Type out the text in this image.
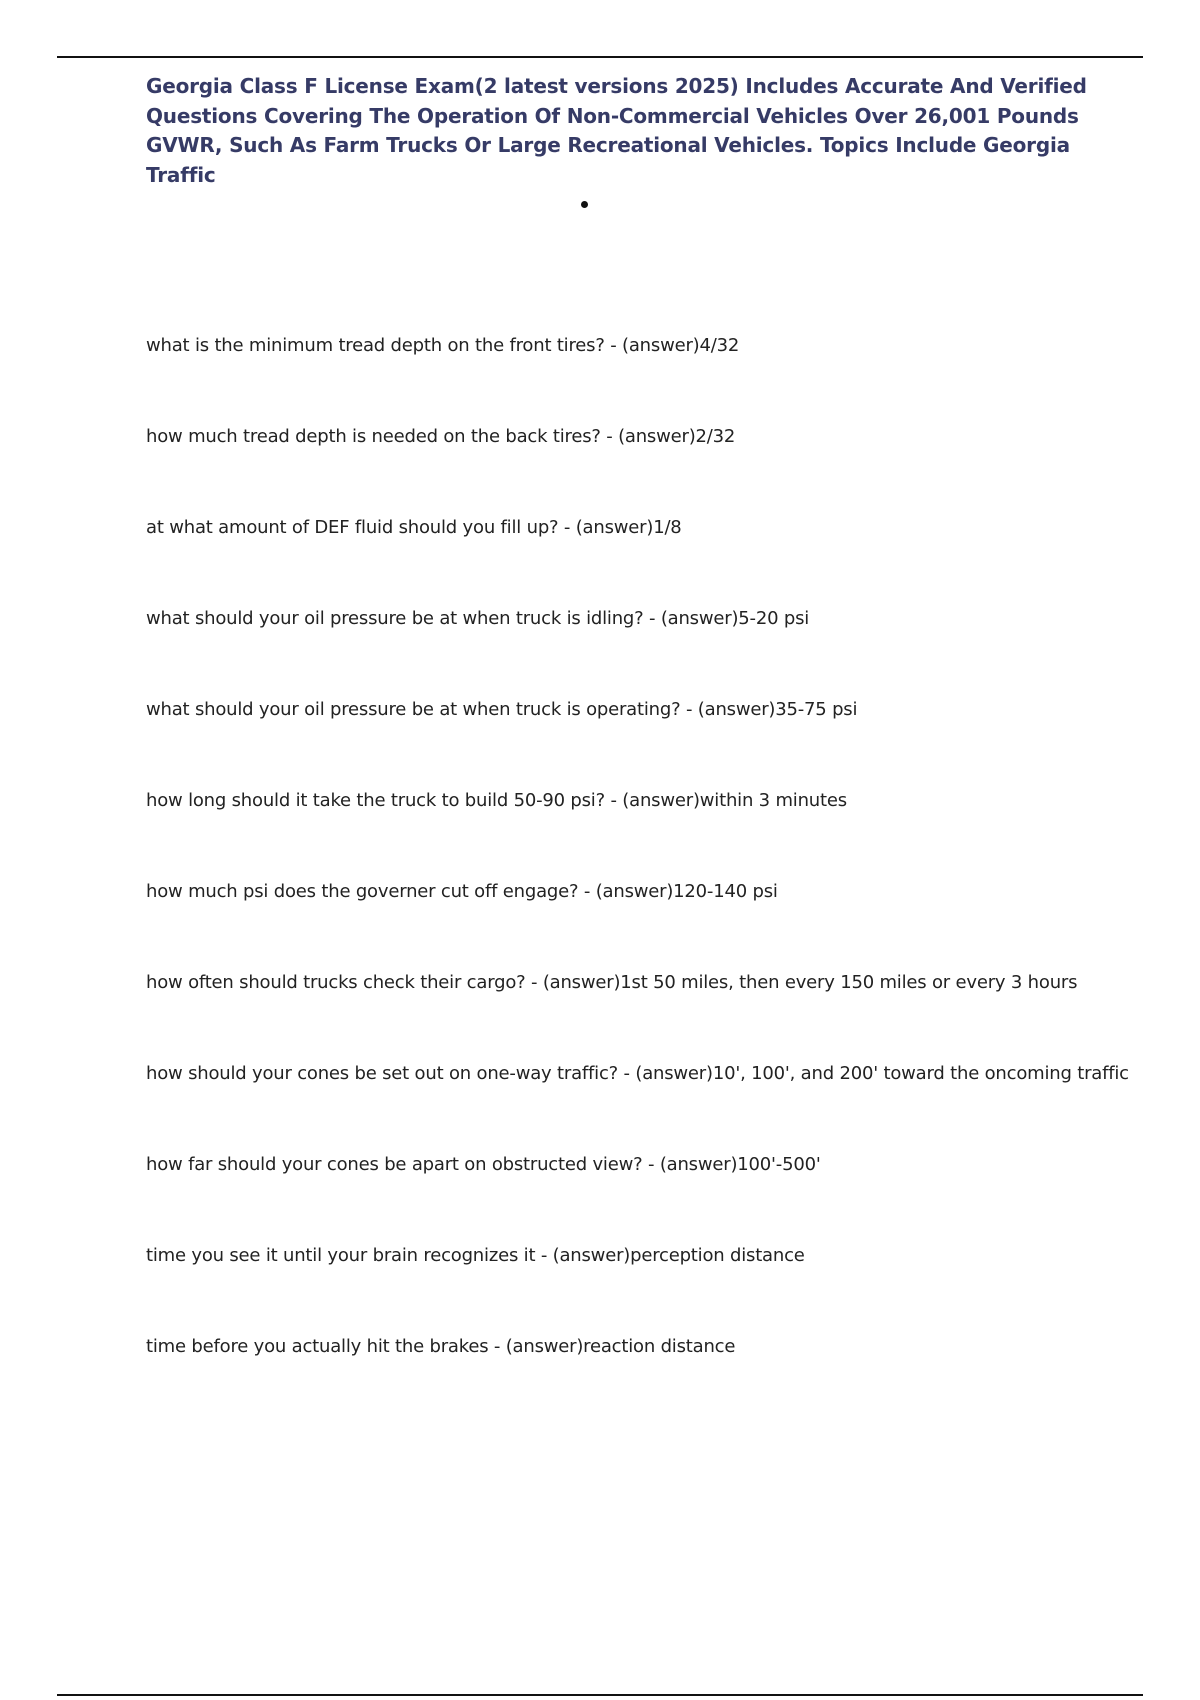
Georgia Class F License Exam(2 latest versions 2025) Includes Accurate And Verified Questions Covering The Operation Of Non-Commercial Vehicles Over 26,001 Pounds GVWR, Such As Farm Trucks Or Large Recreational Vehicles. Topics Include Georgia Traffic
what is the minimum tread depth on the front tires? - (answer)4/32
how much tread depth is needed on the back tires? - (answer)2/32
at what amount of DEF fluid should you fill up? - (answer)1/8
what should your oil pressure be at when truck is idling? - (answer)5-20 psi
what should your oil pressure be at when truck is operating? - (answer)35-75 psi
how long should it take the truck to build 50-90 psi? - (answer)within 3 minutes
how much psi does the governer cut off engage? - (answer)120-140 psi
how often should trucks check their cargo? - (answer)1st 50 miles, then every 150 miles or every 3 hours
how should your cones be set out on one-way traffic? - (answer)10', 100', and 200' toward the oncoming traffic
how far should your cones be apart on obstructed view? - (answer)100'-500'
time you see it until your brain recognizes it - (answer)perception distance
time before you actually hit the brakes - (answer)reaction distance
